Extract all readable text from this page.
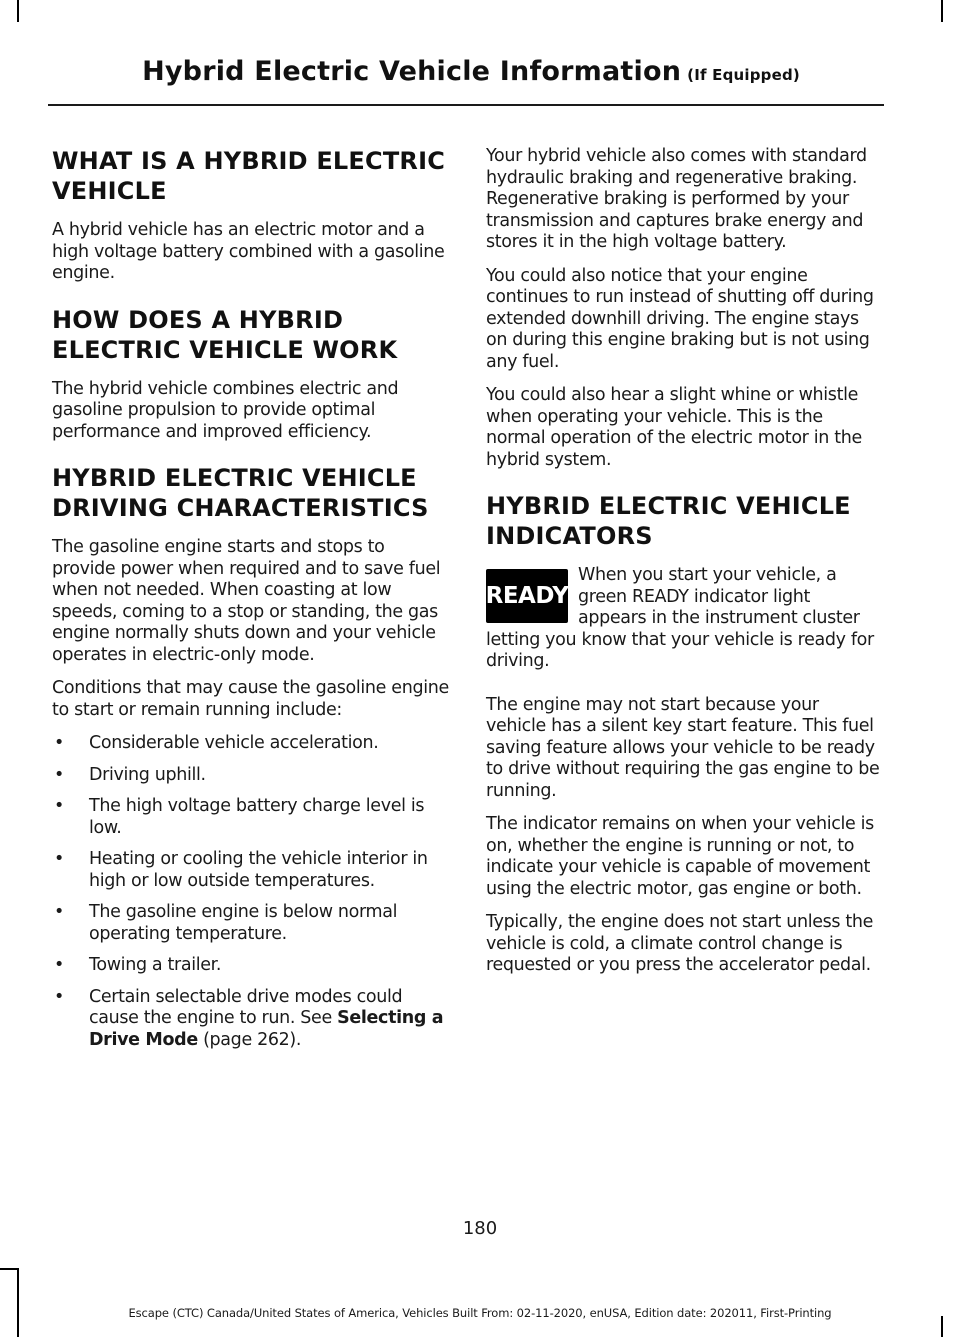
Hybrid Electric Vehicle Information (If Equipped)
WHAT IS A HYBRID ELECTRIC VEHICLE

A hybrid vehicle has an electric motor and a high voltage battery combined with a gasoline engine.

HOW DOES A HYBRID ELECTRIC VEHICLE WORK

The hybrid vehicle combines electric and gasoline propulsion to provide optimal performance and improved efficiency.

HYBRID ELECTRIC VEHICLE DRIVING CHARACTERISTICS

The gasoline engine starts and stops to provide power when required and to save fuel when not needed. When coasting at low speeds, coming to a stop or standing, the gas engine normally shuts down and your vehicle operates in electric-only mode.

Conditions that may cause the gasoline engine to start or remain running include:

• Considerable vehicle acceleration.
• Driving uphill.
• The high voltage battery charge level is low.
• Heating or cooling the vehicle interior in high or low outside temperatures.
• The gasoline engine is below normal operating temperature.
• Towing a trailer.
• Certain selectable drive modes could cause the engine to run. See Selecting a Drive Mode (page 262).

Your hybrid vehicle also comes with standard hydraulic braking and regenerative braking. Regenerative braking is performed by your transmission and captures brake energy and stores it in the high voltage battery.

You could also notice that your engine continues to run instead of shutting off during extended downhill driving. The engine stays on during this engine braking but is not using any fuel.

You could also hear a slight whine or whistle when operating your vehicle. This is the normal operation of the electric motor in the hybrid system.

HYBRID ELECTRIC VEHICLE INDICATORS
READY

When you start your vehicle, a green READY indicator light appears in the instrument cluster letting you know that your vehicle is ready for driving.

The engine may not start because your vehicle has a silent key start feature. This fuel saving feature allows your vehicle to be ready to drive without requiring the gas engine to be running.

The indicator remains on when your vehicle is on, whether the engine is running or not, to indicate your vehicle is capable of movement using the electric motor, gas engine or both.

Typically, the engine does not start unless the vehicle is cold, a climate control change is requested or you press the accelerator pedal.

180
Escape (CTC) Canada/United States of America, Vehicles Built From: 02-11-2020, enUSA, Edition date: 202011, First-Printing
